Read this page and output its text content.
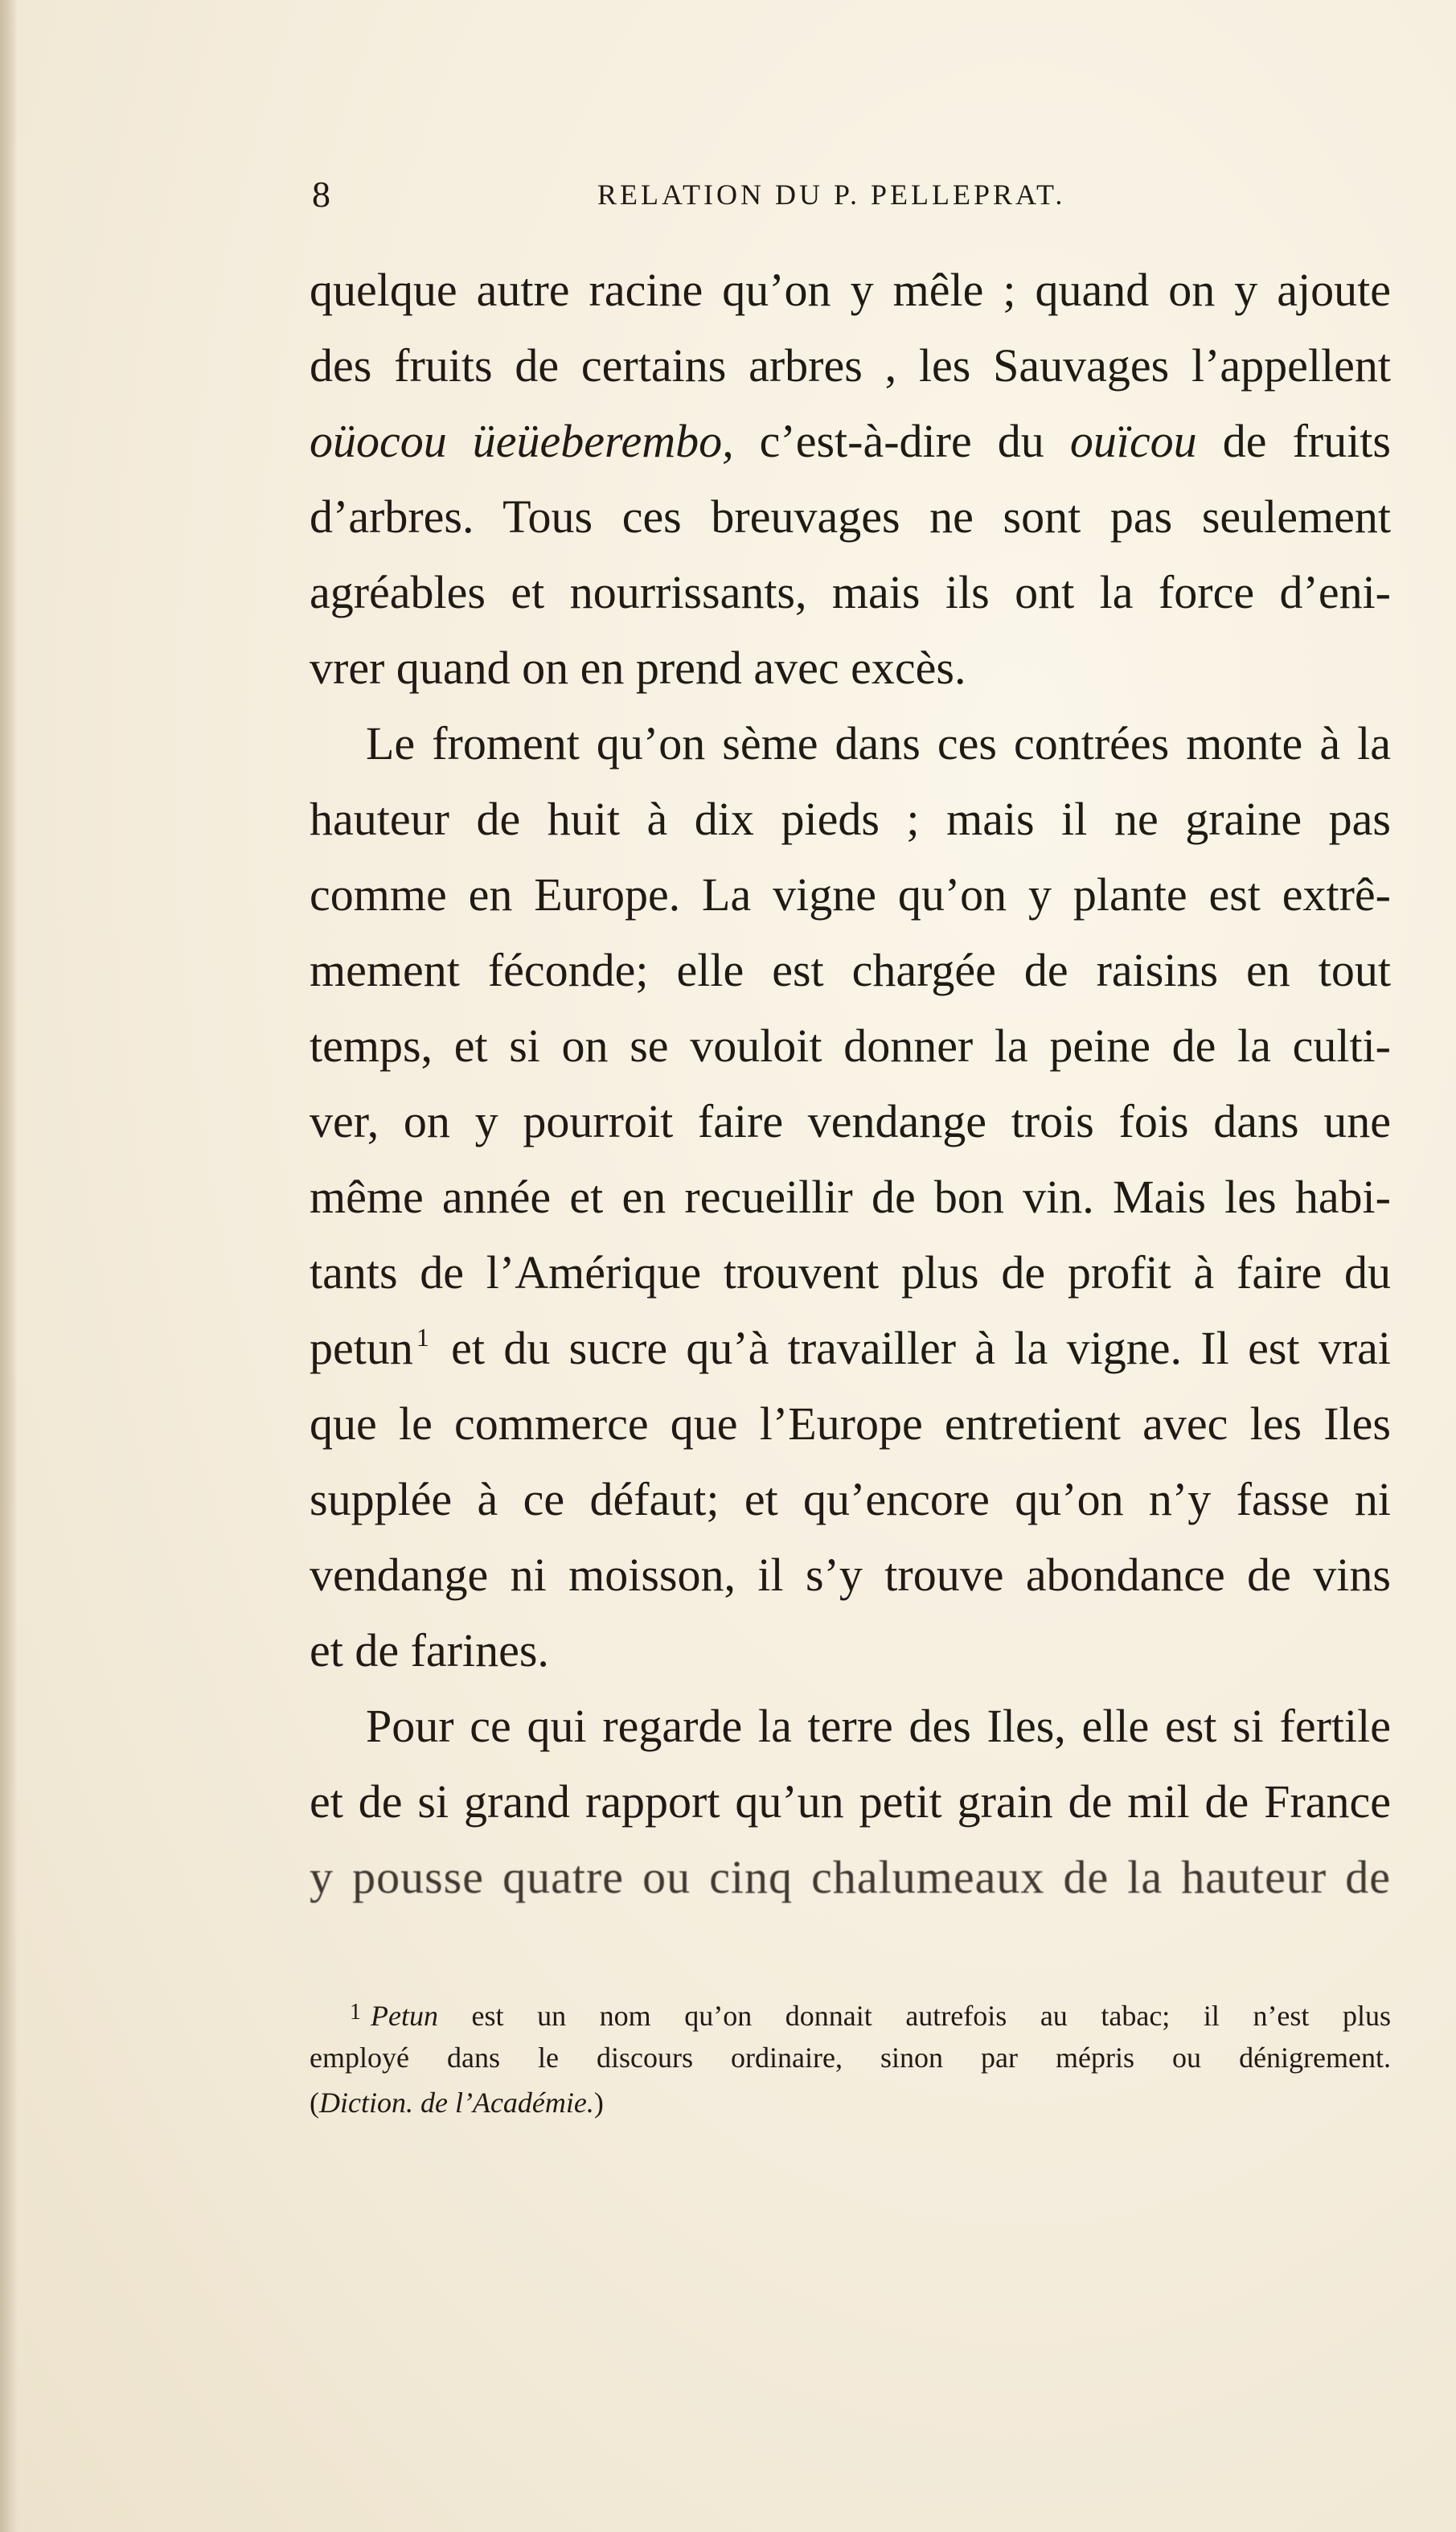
8	RELATION DU P. PELLEPRAT.
quelque autre racine qu’on y mêle ; quand on y ajoute
des fruits de certains arbres , les Sauvages l’appellent
oüocou üeüeberembo, c’est-à-dire du ouïcou de fruits
d’arbres. Tous ces breuvages ne sont pas seulement
agréables et nourrissants, mais ils ont la force d’eni-
vrer quand on en prend avec excès.
Le froment qu’on sème dans ces contrées monte à la
hauteur de huit à dix pieds ; mais il ne graine pas
comme en Europe. La vigne qu’on y plante est extrê-
mement féconde; elle est chargée de raisins en tout
temps, et si on se vouloit donner la peine de la culti-
ver, on y pourroit faire vendange trois fois dans une
même année et en recueillir de bon vin. Mais les habi-
tants de l’Amérique trouvent plus de profit à faire du
petun $^1$ et du sucre qu’à travailler à la vigne. Il est vrai
que le commerce que l’Europe entretient avec les Iles
supplée à ce défaut; et qu’encore qu’on n’y fasse ni
vendange ni moisson, il s’y trouve abondance de vins
et de farines.
Pour ce qui regarde la terre des Iles, elle est si fertile
et de si grand rapport qu’un petit grain de mil de France
y pousse quatre ou cinq chalumeaux de la hauteur de
$^1$ Petun est un nom qu’on donnait autrefois au tabac; il n’est plus
employé dans le discours ordinaire, sinon par mépris ou dénigrement.
(Diction. de l’Académie.)
